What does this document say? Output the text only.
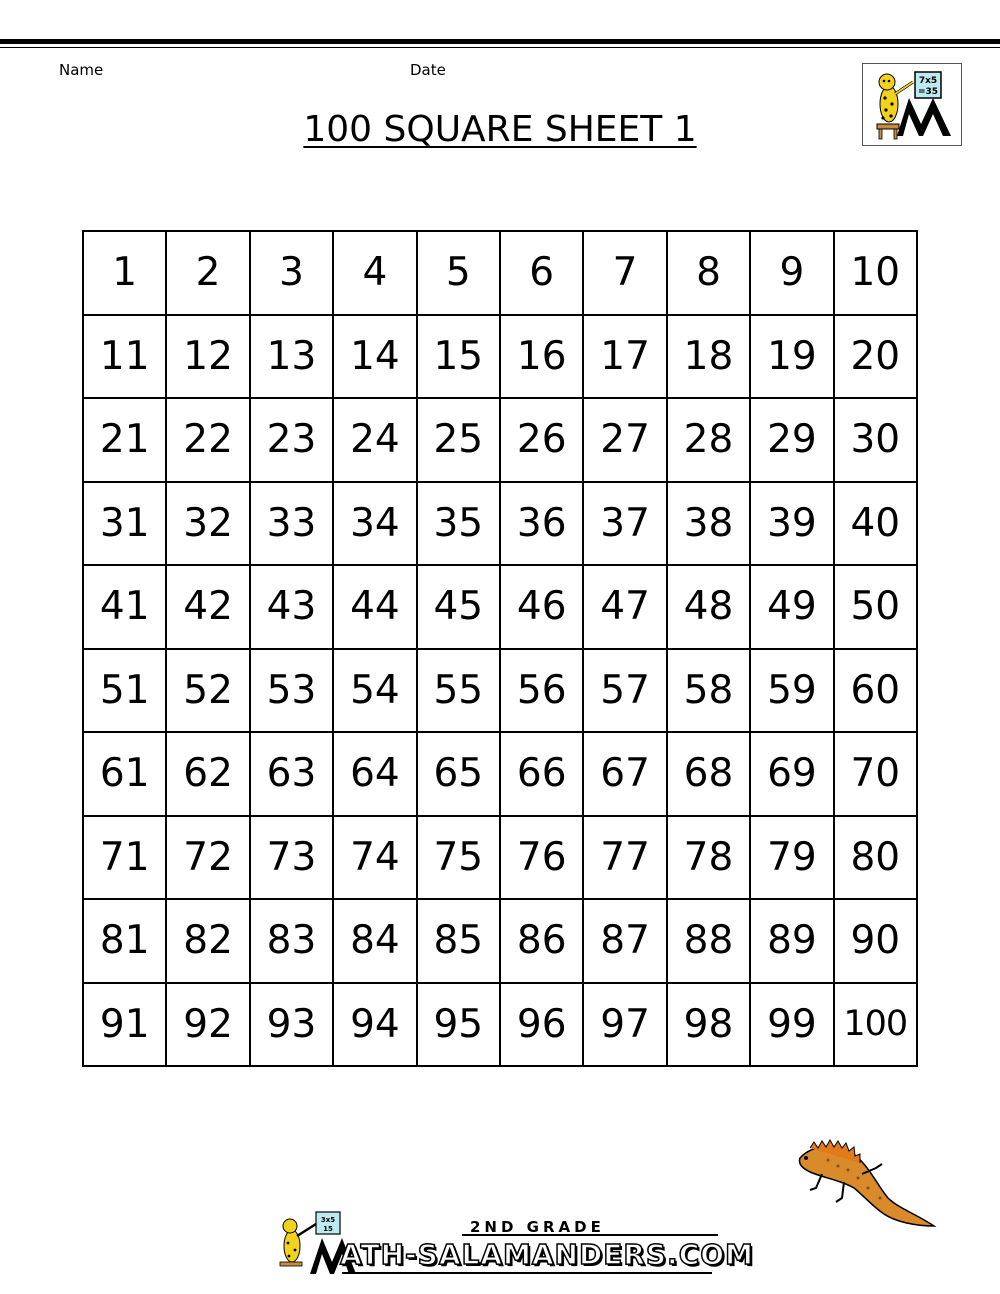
Name	Date
100 SQUARE SHEET 1
7x5
=35
1	2	3	4	5	6	7	8	9	10
11 12 13 14 15 16 17 18 19 20
21 22 23 24 25 26 27 28 29 30
31 32 33 34 35 36 37 38 39 40
41 42 43 44 45 46 47 48 49 50
51 52 53 54 55 56 57 58 59 60
61 62 63 64 65 66 67 68 69 70
71 72 73 74 75 76 77 78 79 80
81 82 83 84 85 86 87 88 89 90
91 92 93 94 95 96 97 98 99 100
3x5
15	2ND GRADE
ATH-SALAMANDERS.COM
